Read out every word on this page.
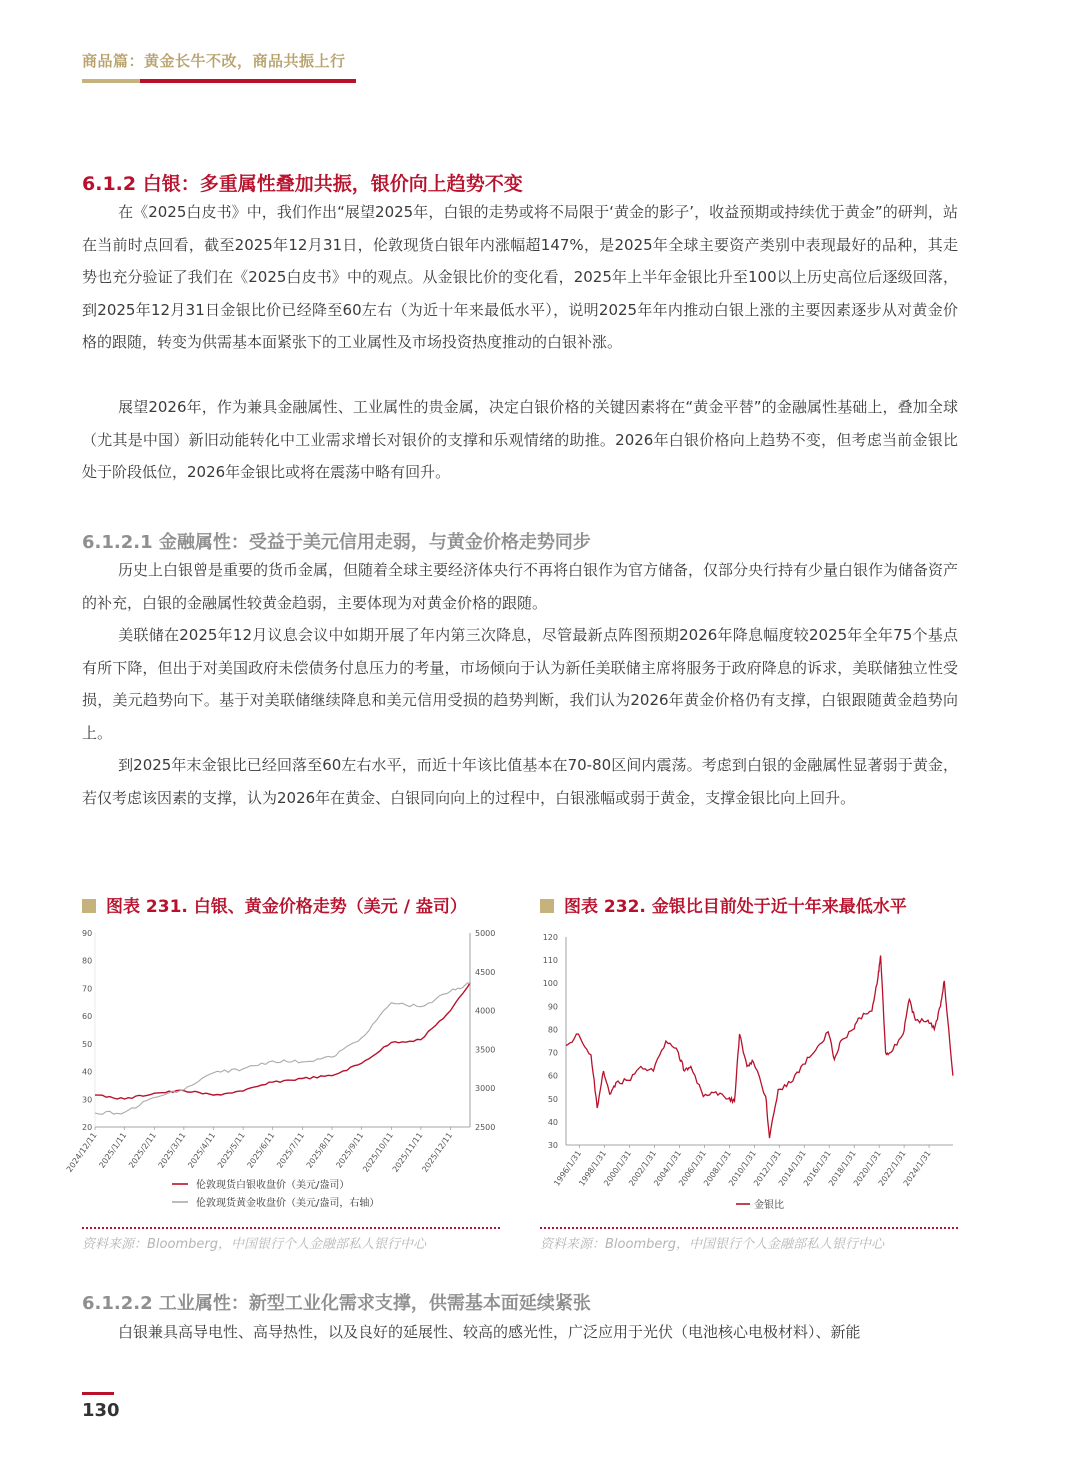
商品篇：黄金长牛不改，商品共振上行
6.1.2 白银：多重属性叠加共振，银价向上趋势不变
在《2025白皮书》中，我们作出“展望2025年，白银的走势或将不局限于‘黄金的影子’，收益预期或持续优于黄金”的研判，站在当前时点回看，截至2025年12月31日，伦敦现货白银年内涨幅超147%，是2025年全球主要资产类别中表现最好的品种，其走势也充分验证了我们在《2025白皮书》中的观点。从金银比价的变化看，2025年上半年金银比升至100以上历史高位后逐级回落，到2025年12月31日金银比价已经降至60左右（为近十年来最低水平），说明2025年年内推动白银上涨的主要因素逐步从对黄金价格的跟随，转变为供需基本面紧张下的工业属性及市场投资热度推动的白银补涨。
展望2026年，作为兼具金融属性、工业属性的贵金属，决定白银价格的关键因素将在“黄金平替”的金融属性基础上，叠加全球（尤其是中国）新旧动能转化中工业需求增长对银价的支撑和乐观情绪的助推。2026年白银价格向上趋势不变，但考虑当前金银比处于阶段低位，2026年金银比或将在震荡中略有回升。
6.1.2.1 金融属性：受益于美元信用走弱，与黄金价格走势同步
历史上白银曾是重要的货币金属，但随着全球主要经济体央行不再将白银作为官方储备，仅部分央行持有少量白银作为储备资产的补充，白银的金融属性较黄金趋弱，主要体现为对黄金价格的跟随。
美联储在2025年12月议息会议中如期开展了年内第三次降息，尽管最新点阵图预期2026年降息幅度较2025年全年75个基点有所下降，但出于对美国政府未偿债务付息压力的考量，市场倾向于认为新任美联储主席将服务于政府降息的诉求，美联储独立性受损，美元趋势向下。基于对美联储继续降息和美元信用受损的趋势判断，我们认为2026年黄金价格仍有支撑，白银跟随黄金趋势向上。
到2025年末金银比已经回落至60左右水平，而近十年该比值基本在70-80区间内震荡。考虑到白银的金融属性显著弱于黄金，若仅考虑该因素的支撑，认为2026年在黄金、白银同向向上的过程中，白银涨幅或弱于黄金，支撑金银比向上回升。
图表 231. 白银、黄金价格走势（美元 / 盎司）
90
80
70
60
50
40
30
20
5000
4500
4000
3500
3000
2500
2024/12/11
2025/1/11
2025/2/11
2025/3/11
2025/4/11
2025/5/11
2025/6/11
2025/7/11
2025/8/11
2025/9/11
2025/10/11
2025/11/11
2025/12/11
伦敦现货白银收盘价（美元/盎司）
伦敦现货黄金收盘价（美元/盎司，右轴）
资料来源：Bloomberg，中国银行个人金融部私人银行中心
图表 232. 金银比目前处于近十年来最低水平
120
110
100
90
80
70
60
50
40
30
1996/1/31
1998/1/31
2000/1/31
2002/1/31
2004/1/31
2006/1/31
2008/1/31
2010/1/31
2012/1/31
2014/1/31
2016/1/31
2018/1/31
2020/1/31
2022/1/31
2024/1/31
金银比
资料来源：Bloomberg，中国银行个人金融部私人银行中心
6.1.2.2 工业属性：新型工业化需求支撑，供需基本面延续紧张
白银兼具高导电性、高导热性，以及良好的延展性、较高的感光性，广泛应用于光伏（电池核心电极材料）、新能
130
